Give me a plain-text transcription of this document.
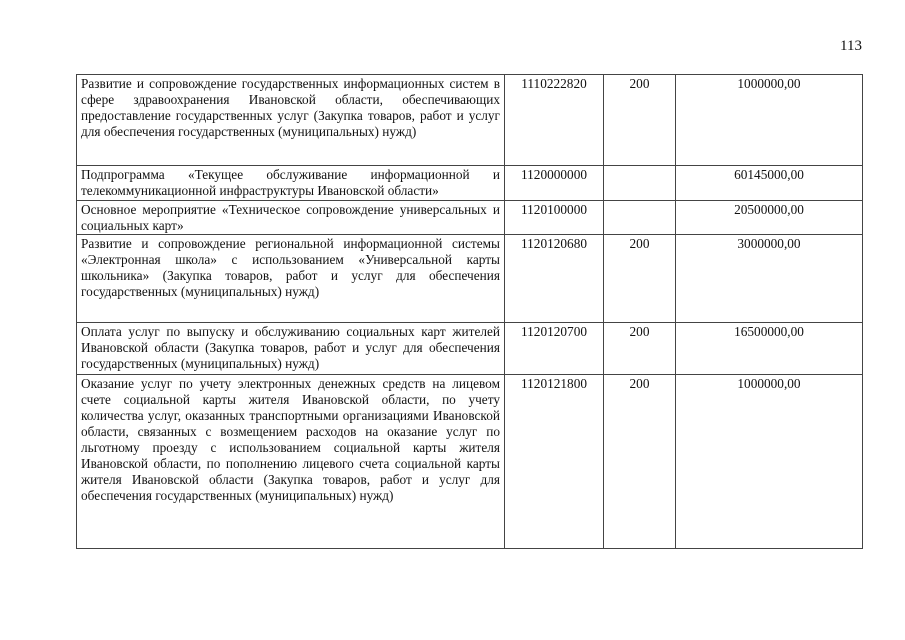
113
Развитие и сопровождение государственных информационных систем в сфере здравоохранения Ивановской области, обеспечивающих предоставление государственных услуг (Закупка товаров, работ и услуг для обеспечения государственных (муниципальных) нужд)	1110222820	200	1000000,00
Подпрограмма «Текущее обслуживание информационной и телекоммуникационной инфраструктуры Ивановской области»	1120000000		60145000,00
Основное мероприятие «Техническое сопровождение универсальных и социальных карт»	1120100000		20500000,00
Развитие и сопровождение региональной информационной системы «Электронная школа» с использованием «Универсальной карты школьника» (Закупка товаров, работ и услуг для обеспечения государственных (муниципальных) нужд)	1120120680	200	3000000,00
Оплата услуг по выпуску и обслуживанию социальных карт жителей Ивановской области (Закупка товаров, работ и услуг для обеспечения государственных (муниципальных) нужд)	1120120700	200	16500000,00
Оказание услуг по учету электронных денежных средств на лицевом счете социальной карты жителя Ивановской области, по учету количества услуг, оказанных транспортными организациями Ивановской области, связанных с возмещением расходов на оказание услуг по льготному проезду с использованием социальной карты жителя Ивановской области, по пополнению лицевого счета социальной карты жителя Ивановской области (Закупка товаров, работ и услуг для обеспечения государственных (муниципальных) нужд)	1120121800	200	1000000,00
